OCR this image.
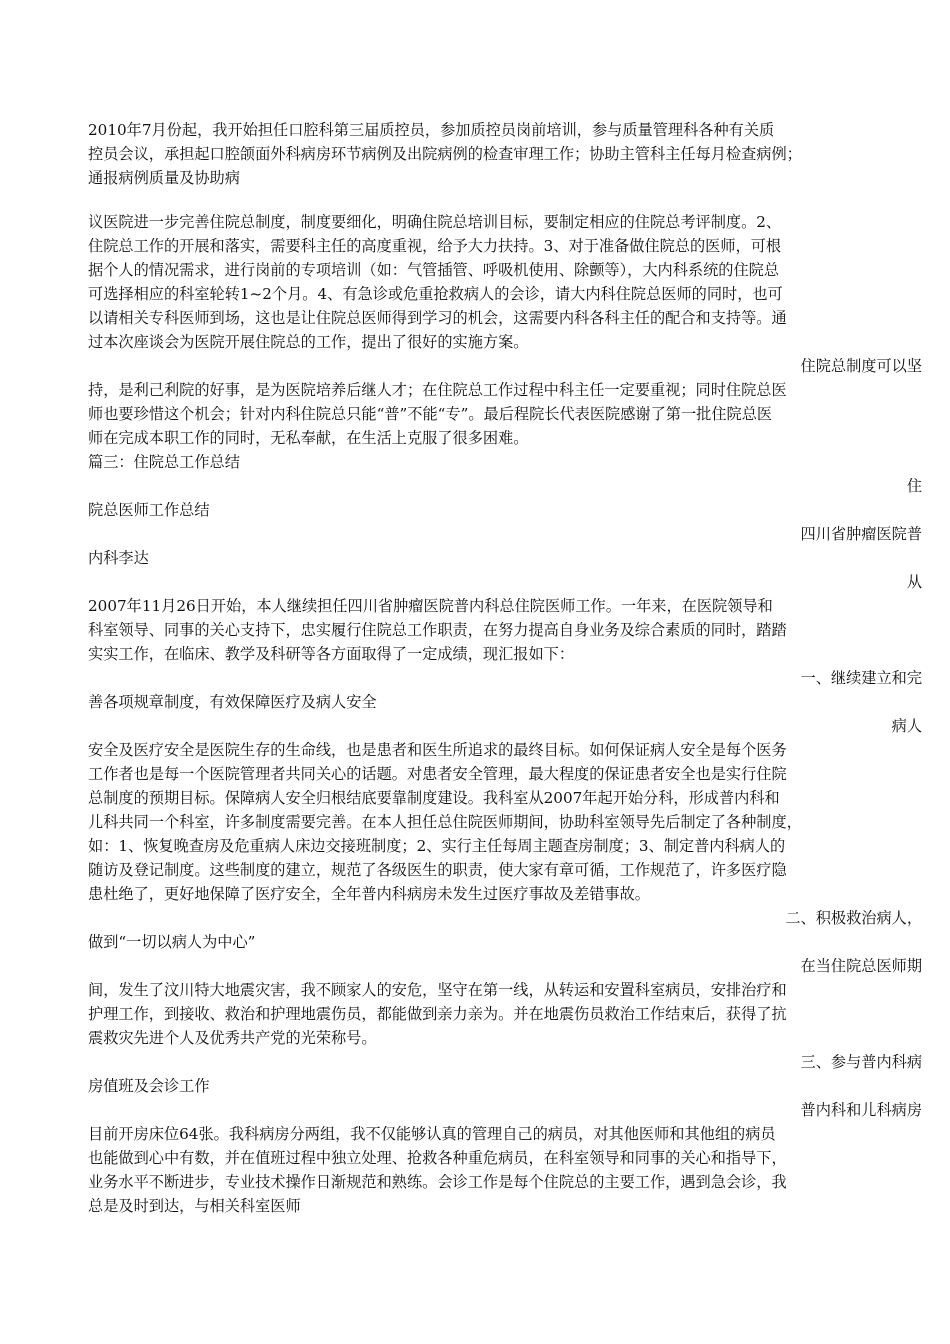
2010年7月份起，我开始担任口腔科第三届质控员，参加质控员岗前培训，参与质量管理科各种有关质
控员会议，承担起口腔颌面外科病房环节病例及出院病例的检查审理工作；协助主管科主任每月检查病例；
通报病例质量及协助病
议医院进一步完善住院总制度，制度要细化，明确住院总培训目标，要制定相应的住院总考评制度。2、
住院总工作的开展和落实，需要科主任的高度重视，给予大力扶持。3、对于准备做住院总的医师，可根
据个人的情况需求，进行岗前的专项培训（如：气管插管、呼吸机使用、除颤等），大内科系统的住院总
可选择相应的科室轮转1~2个月。4、有急诊或危重抢救病人的会诊，请大内科住院总医师的同时，也可
以请相关专科医师到场，这也是让住院总医师得到学习的机会，这需要内科各科主任的配合和支持等。通
过本次座谈会为医院开展住院总的工作，提出了很好的实施方案。
住院总制度可以坚
持，是利己利院的好事，是为医院培养后继人才；在住院总工作过程中科主任一定要重视；同时住院总医
师也要珍惜这个机会；针对内科住院总只能“普”不能“专”。最后程院长代表医院感谢了第一批住院总医
师在完成本职工作的同时，无私奉献，在生活上克服了很多困难。
篇三：住院总工作总结
住
院总医师工作总结
四川省肿瘤医院普
内科李达
从
2007年11月26日开始，本人继续担任四川省肿瘤医院普内科总住院医师工作。一年来，在医院领导和
科室领导、同事的关心支持下，忠实履行住院总工作职责，在努力提高自身业务及综合素质的同时，踏踏
实实工作，在临床、教学及科研等各方面取得了一定成绩，现汇报如下：
一、继续建立和完
善各项规章制度，有效保障医疗及病人安全
病人
安全及医疗安全是医院生存的生命线，也是患者和医生所追求的最终目标。如何保证病人安全是每个医务
工作者也是每一个医院管理者共同关心的话题。对患者安全管理，最大程度的保证患者安全也是实行住院
总制度的预期目标。保障病人安全归根结底要靠制度建设。我科室从2007年起开始分科，形成普内科和
儿科共同一个科室，许多制度需要完善。在本人担任总住院医师期间，协助科室领导先后制定了各种制度，
如：1、恢复晚查房及危重病人床边交接班制度；2、实行主任每周主题查房制度；3、制定普内科病人的
随访及登记制度。这些制度的建立，规范了各级医生的职责，使大家有章可循，工作规范了，许多医疗隐
患杜绝了，更好地保障了医疗安全，全年普内科病房未发生过医疗事故及差错事故。
二、积极救治病人，
做到“一切以病人为中心”
在当住院总医师期
间，发生了汶川特大地震灾害，我不顾家人的安危，坚守在第一线，从转运和安置科室病员，安排治疗和
护理工作，到接收、救治和护理地震伤员，都能做到亲力亲为。并在地震伤员救治工作结束后，获得了抗
震救灾先进个人及优秀共产党的光荣称号。
三、参与普内科病
房值班及会诊工作
普内科和儿科病房
目前开房床位64张。我科病房分两组，我不仅能够认真的管理自己的病员，对其他医师和其他组的病员
也能做到心中有数，并在值班过程中独立处理、抢救各种重危病员，在科室领导和同事的关心和指导下，
业务水平不断进步，专业技术操作日渐规范和熟练。会诊工作是每个住院总的主要工作，遇到急会诊，我
总是及时到达，与相关科室医师
